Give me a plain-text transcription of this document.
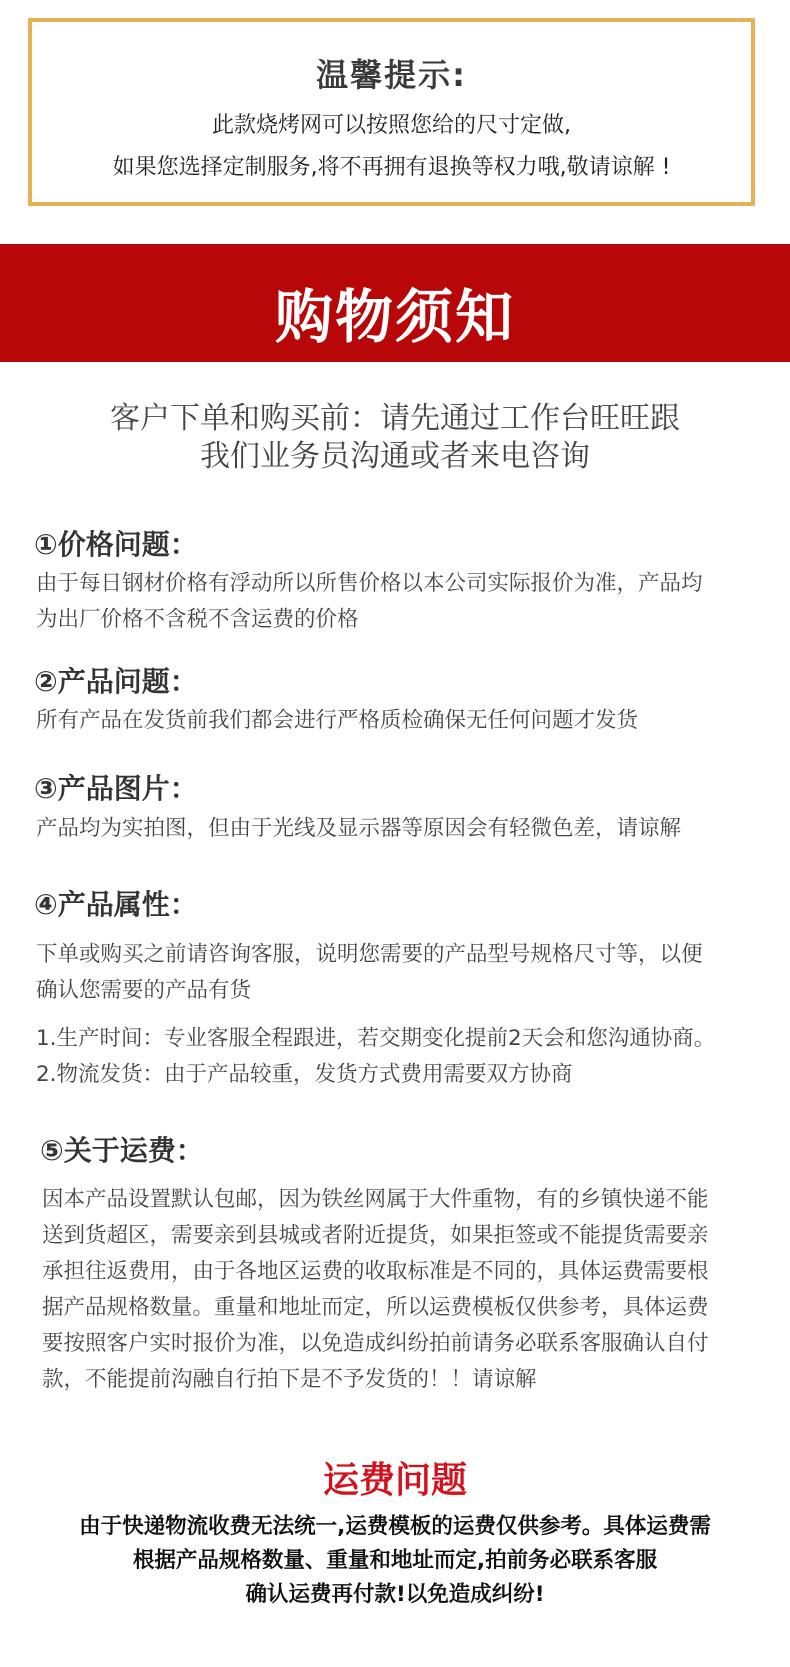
温馨提示:
此款烧烤网可以按照您给的尺寸定做,
如果您选择定制服务,将不再拥有退换等权力哦,敬请谅解 !
购物须知
客户下单和购买前：请先通过工作台旺旺跟
我们业务员沟通或者来电咨询
①价格问题：
由于每日钢材价格有浮动所以所售价格以本公司实际报价为准，产品均
为出厂价格不含税不含运费的价格
②产品问题：
所有产品在发货前我们都会进行严格质检确保无任何问题才发货
③产品图片：
产品均为实拍图，但由于光线及显示器等原因会有轻微色差，请谅解
④产品属性：
下单或购买之前请咨询客服，说明您需要的产品型号规格尺寸等，以便
确认您需要的产品有货
1.生产时间：专业客服全程跟进，若交期变化提前2天会和您沟通协商。
2.物流发货：由于产品较重，发货方式费用需要双方协商
⑤关于运费：
因本产品设置默认包邮，因为铁丝网属于大件重物，有的乡镇快递不能
送到货超区，需要亲到县城或者附近提货，如果拒签或不能提货需要亲
承担往返费用，由于各地区运费的收取标准是不同的，具体运费需要根
据产品规格数量。重量和地址而定，所以运费模板仅供参考，具体运费
要按照客户实时报价为准，以免造成纠纷拍前请务必联系客服确认自付
款，不能提前沟融自行拍下是不予发货的！！请谅解
运费问题
由于快递物流收费无法统一,运费模板的运费仅供参考。具体运费需
根据产品规格数量、重量和地址而定,拍前务必联系客服
确认运费再付款!以免造成纠纷!
